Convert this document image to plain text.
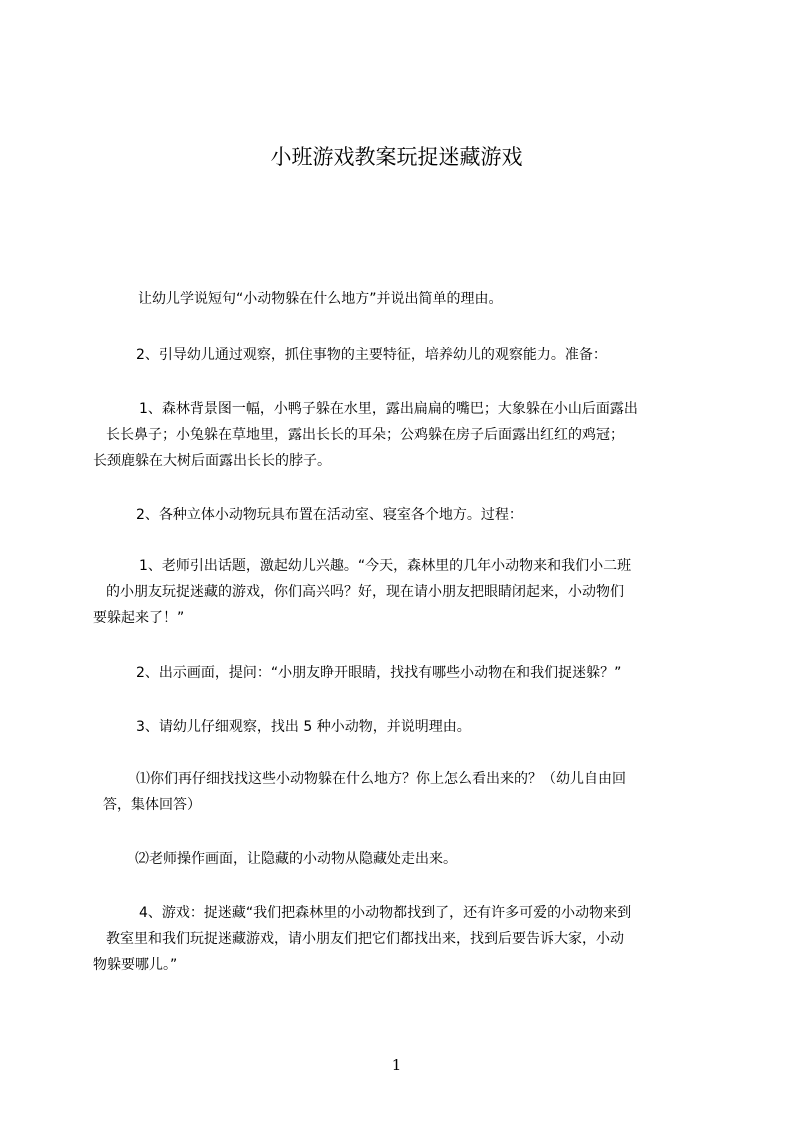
小班游戏教案玩捉迷藏游戏

让幼儿学说短句“小动物躲在什么地方”并说出简单的理由。

2、引导幼儿通过观察，抓住事物的主要特征，培养幼儿的观察能力。准备：

1、森林背景图一幅，小鸭子躲在水里，露出扁扁的嘴巴；大象躲在小山后面露出
长长鼻子；小兔躲在草地里，露出长长的耳朵；公鸡躲在房子后面露出红红的鸡冠；
长颈鹿躲在大树后面露出长长的脖子。

2、各种立体小动物玩具布置在活动室、寝室各个地方。过程：

1、老师引出话题，激起幼儿兴趣。“今天，森林里的几年小动物来和我们小二班
的小朋友玩捉迷藏的游戏，你们高兴吗？好，现在请小朋友把眼睛闭起来，小动物们
要躲起来了！”

2、出示画面，提问：“小朋友睁开眼睛，找找有哪些小动物在和我们捉迷躲？”

3、请幼儿仔细观察，找出 5 种小动物，并说明理由。

⑴你们再仔细找找这些小动物躲在什么地方？你上怎么看出来的？（幼儿自由回
答，集体回答）

⑵老师操作画面，让隐藏的小动物从隐藏处走出来。

4、游戏：捉迷藏“我们把森林里的小动物都找到了，还有许多可爱的小动物来到
教室里和我们玩捉迷藏游戏，请小朋友们把它们都找出来，找到后要告诉大家，小动
物躲要哪儿。”

1
